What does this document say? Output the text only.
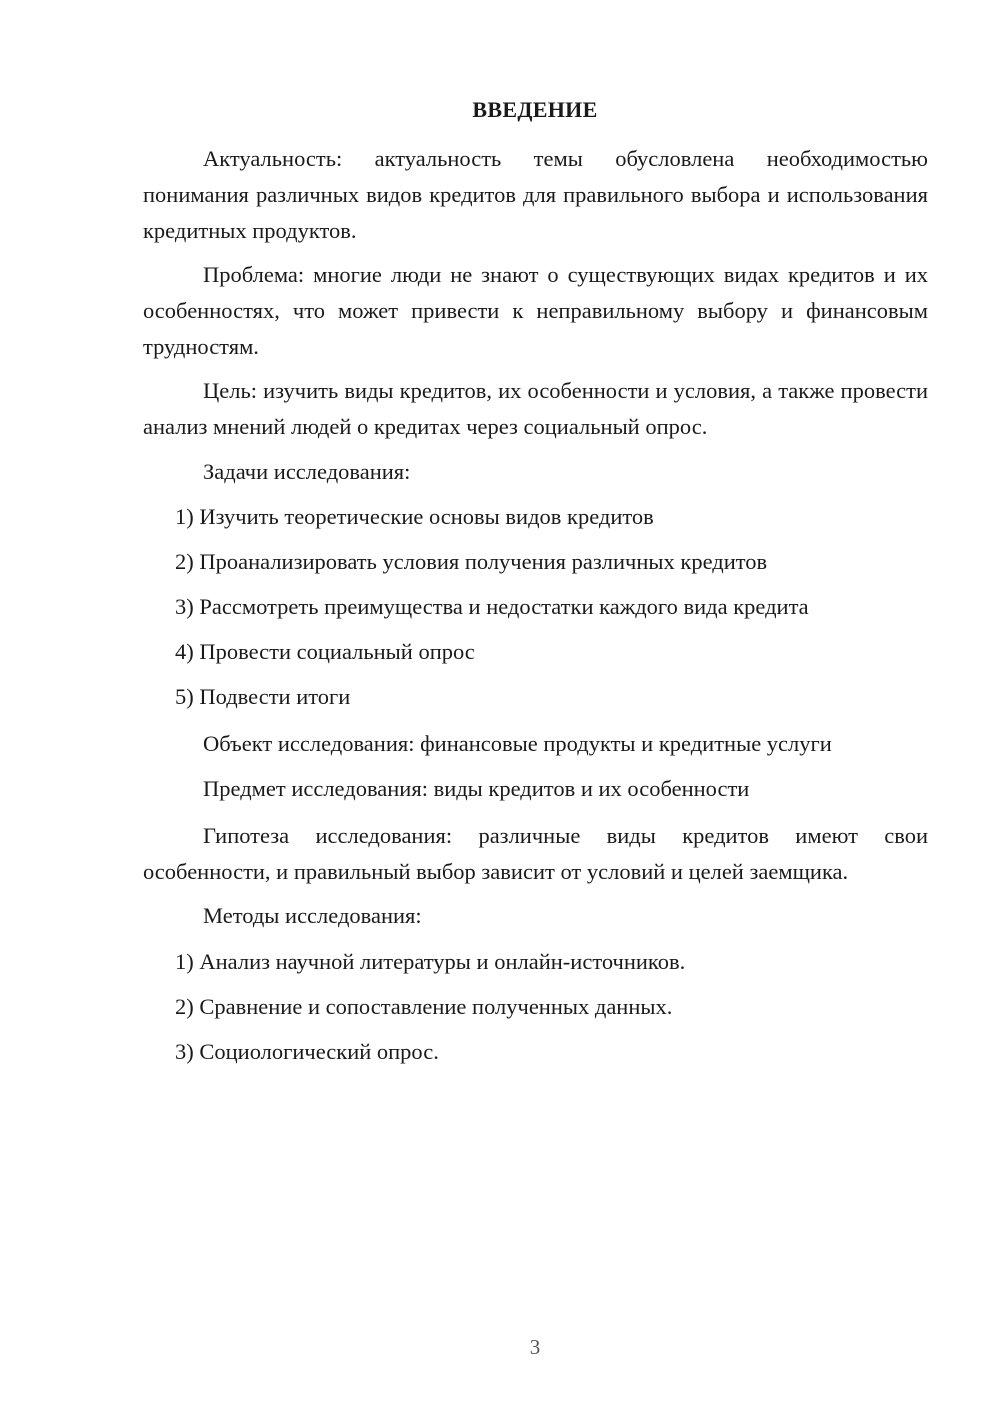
ВВЕДЕНИЕ

Актуальность: актуальность темы обусловлена необходимостью понимания различных видов кредитов для правильного выбора и использования кредитных продуктов.

Проблема: многие люди не знают о существующих видах кредитов и их особенностях, что может привести к неправильному выбору и финансовым трудностям.

Цель: изучить виды кредитов, их особенности и условия, а также провести анализ мнений людей о кредитах через социальный опрос.

Задачи исследования:

1) Изучить теоретические основы видов кредитов

2) Проанализировать условия получения различных кредитов

3) Рассмотреть преимущества и недостатки каждого вида кредита

4) Провести социальный опрос

5) Подвести итоги

Объект исследования: финансовые продукты и кредитные услуги

Предмет исследования: виды кредитов и их особенности

Гипотеза исследования: различные виды кредитов имеют свои особенности, и правильный выбор зависит от условий и целей заемщика.

Методы исследования:

1) Анализ научной литературы и онлайн-источников.

2) Сравнение и сопоставление полученных данных.

3) Социологический опрос.

3
